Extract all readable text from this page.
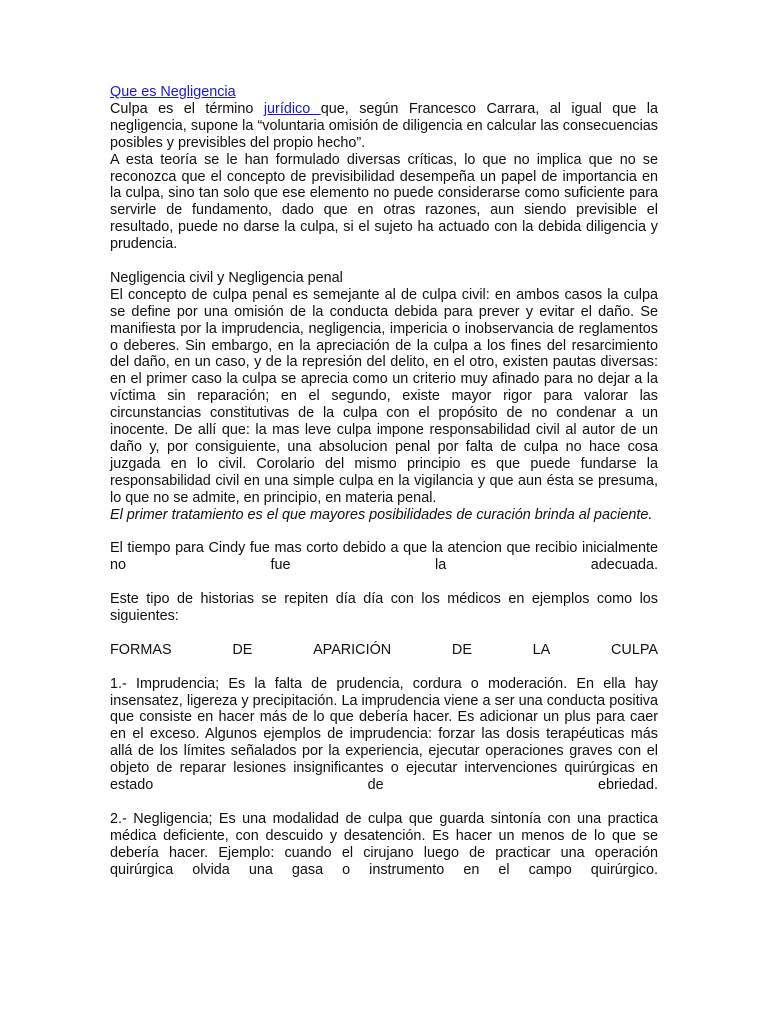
Que es Negligencia

Culpa es el término jurídico que, según Francesco Carrara, al igual que la negligencia, supone la “voluntaria omisión de diligencia en calcular las consecuencias posibles y previsibles del propio hecho”.

A esta teoría se le han formulado diversas críticas, lo que no implica que no se reconozca que el concepto de previsibilidad desempeña un papel de importancia en la culpa, sino tan solo que ese elemento no puede considerarse como suficiente para servirle de fundamento, dado que en otras razones, aun siendo previsible el resultado, puede no darse la culpa, si el sujeto ha actuado con la debida diligencia y prudencia.

Negligencia civil y Negligencia penal

El concepto de culpa penal es semejante al de culpa civil: en ambos casos la culpa se define por una omisión de la conducta debida para prever y evitar el daño. Se manifiesta por la imprudencia, negligencia, impericia o inobservancia de reglamentos o deberes. Sin embargo, en la apreciación de la culpa a los fines del resarcimiento del daño, en un caso, y de la represión del delito, en el otro, existen pautas diversas: en el primer caso la culpa se aprecia como un criterio muy afinado para no dejar a la víctima sin reparación; en el segundo, existe mayor rigor para valorar las circunstancias constitutivas de la culpa con el propósito de no condenar a un inocente. De allí que: la mas leve culpa impone responsabilidad civil al autor de un daño y, por consiguiente, una absolucion penal por falta de culpa no hace cosa juzgada en lo civil. Corolario del mismo principio es que puede fundarse la responsabilidad civil en una simple culpa en la vigilancia y que aun ésta se presuma, lo que no se admite, en principio, en materia penal.

El primer tratamiento es el que mayores posibilidades de curación brinda al paciente.

El tiempo para Cindy fue mas corto debido a que la atencion que recibio inicialmente no fue la adecuada.

Este tipo de historias se repiten día día con los médicos en ejemplos como los siguientes:

FORMAS	DE	APARICIÓN	DE	LA	CULPA

1.- Imprudencia; Es la falta de prudencia, cordura o moderación. En ella hay insensatez, ligereza y precipitación. La imprudencia viene a ser una conducta positiva que consiste en hacer más de lo que debería hacer. Es adicionar un plus para caer en el exceso. Algunos ejemplos de imprudencia: forzar las dosis terapéuticas más allá de los límites señalados por la experiencia, ejecutar operaciones graves con el objeto de reparar lesiones insignificantes o ejecutar intervenciones quirúrgicas en estado de ebriedad.

2.- Negligencia; Es una modalidad de culpa que guarda sintonía con una practica médica deficiente, con descuido y desatención. Es hacer un menos de lo que se debería hacer. Ejemplo: cuando el cirujano luego de practicar una operación quirúrgica olvida una gasa o instrumento en el campo quirúrgico.
